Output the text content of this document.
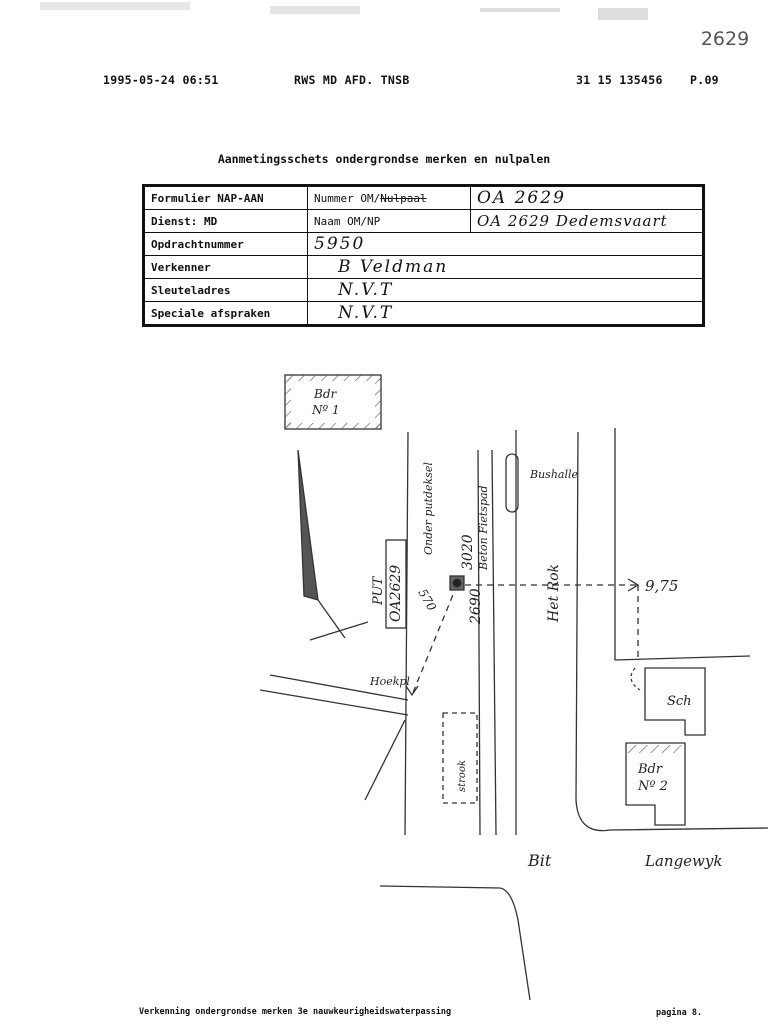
2629
1995-05-24 06:51	RWS MD AFD. TNSB	31 15 135456 P.09
Aanmetingsschets ondergrondse merken en nulpalen
Formulier NAP-AAN	Nummer OM/Nulpaal	OA 2629
Dienst: MD	Naam OM/NP	OA 2629 Dedemsvaart
Opdrachtnummer	5950	
Verkenner	B Veldman	
Sleuteladres	N.V.T	
Speciale afspraken	N.V.T	
Bdr
Nº 1
OA2629
PUT
Onder putdeksel 3020 Beton Fietspad
2690
570
Bushalle
Het Rok	9,75
Hoekpl
strook
Sch
Bdr
Nº 2
Bit	Langewyk
Verkenning ondergrondse merken 3e nauwkeurigheidswaterpassing	pagina 8.
